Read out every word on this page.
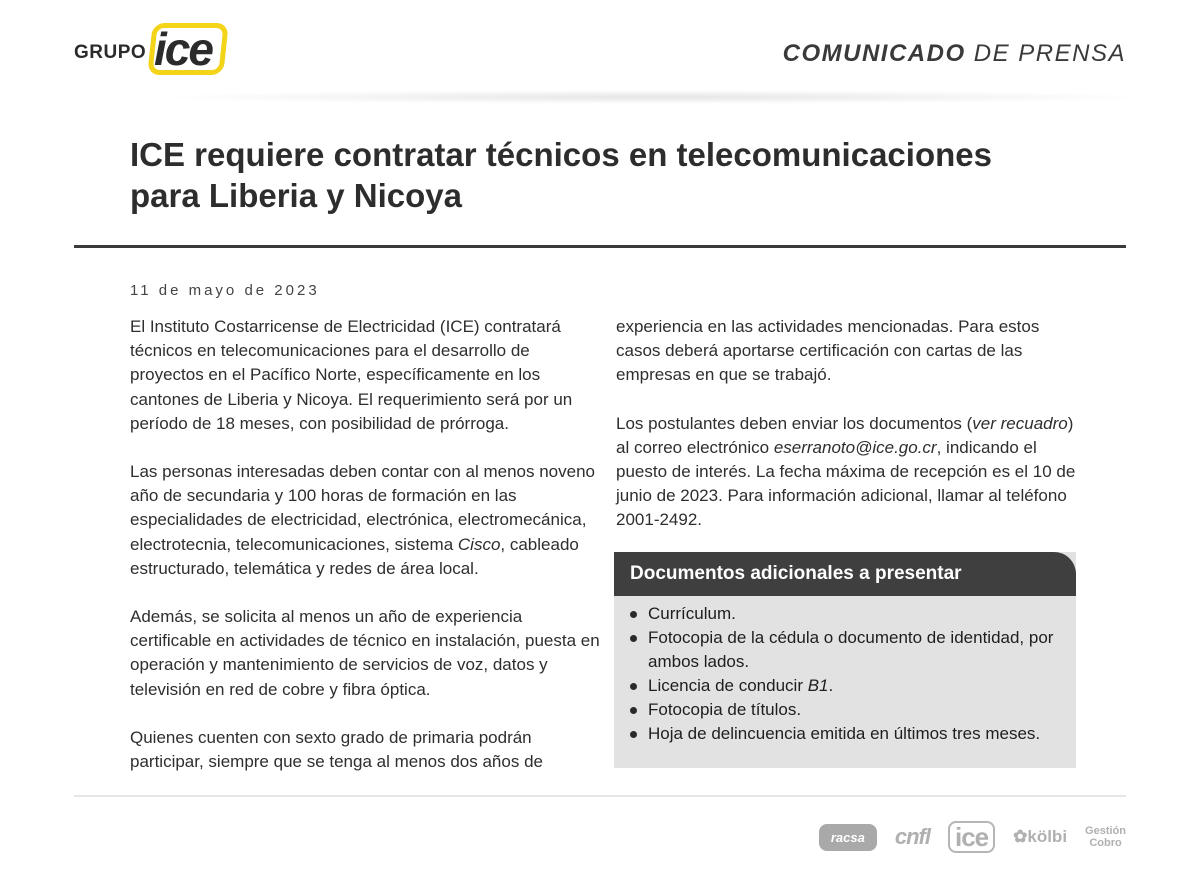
GRUPO ice	COMUNICADO DE PRENSA
ICE requiere contratar técnicos en telecomunicaciones para Liberia y Nicoya
11 de mayo de 2023

El Instituto Costarricense de Electricidad (ICE) contratará técnicos en telecomunicaciones para el desarrollo de proyectos en el Pacífico Norte, específicamente en los cantones de Liberia y Nicoya. El requerimiento será por un período de 18 meses, con posibilidad de prórroga.

Las personas interesadas deben contar con al menos noveno año de secundaria y 100 horas de formación en las especialidades de electricidad, electrónica, electromecánica, electrotecnia, telecomunicaciones, sistema Cisco, cableado estructurado, telemática y redes de área local.

Además, se solicita al menos un año de experiencia certificable en actividades de técnico en instalación, puesta en operación y mantenimiento de servicios de voz, datos y televisión en red de cobre y fibra óptica.

Quienes cuenten con sexto grado de primaria podrán participar, siempre que se tenga al menos dos años de

experiencia en las actividades mencionadas. Para estos casos deberá aportarse certificación con cartas de las empresas en que se trabajó.

Los postulantes deben enviar los documentos (ver recuadro) al correo electrónico eserranoto@ice.go.cr, indicando el puesto de interés. La fecha máxima de recepción es el 10 de junio de 2023. Para información adicional, llamar al teléfono 2001-2492.

Documentos adicionales a presentar
Currículum.
Fotocopia de la cédula o documento de identidad, por ambos lados.
Licencia de conducir B1.
Fotocopia de títulos.
Hoja de delincuencia emitida en últimos tres meses.
racsa	cnfl ice	✿kölbi Gestión
Cobro
